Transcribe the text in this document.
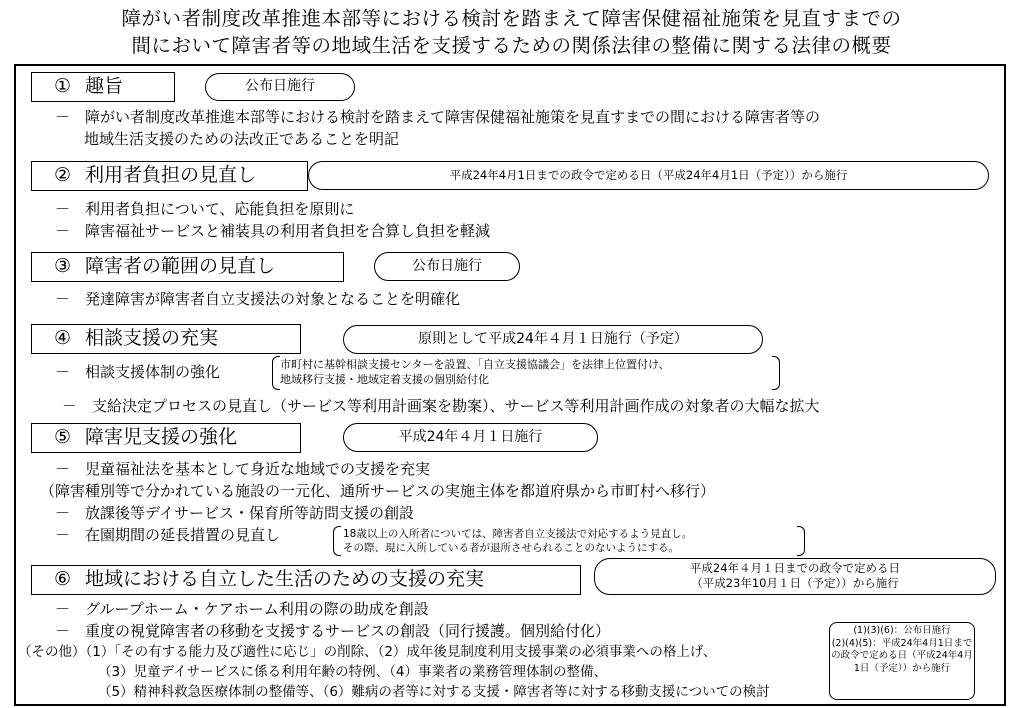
障がい者制度改革推進本部等における検討を踏まえて障害保健福祉施策を見直すまでの
間において障害者等の地域生活を支援するための関係法律の整備に関する法律の概要
① 趣旨	公布日施行
－　障がい者制度改革推進本部等における検討を踏まえて障害保健福祉施策を見直すまでの間における障害者等の
地域生活支援のための法改正であることを明記
② 利用者負担の見直し	平成24年4月1日までの政令で定める日（平成24年4月1日（予定））から施行
－　利用者負担について、応能負担を原則に
－　障害福祉サービスと補装具の利用者負担を合算し負担を軽減
③ 障害者の範囲の見直し	公布日施行
－　発達障害が障害者自立支援法の対象となることを明確化
④ 相談支援の充実	原則として平成24年４月１日施行（予定）
－　相談支援体制の強化	市町村に基幹相談支援センターを設置、「自立支援協議会」を法律上位置付け、
地域移行支援・地域定着支援の個別給付化
－　支給決定プロセスの見直し（サービス等利用計画案を勘案）、サービス等利用計画作成の対象者の大幅な拡大
⑤ 障害児支援の強化	平成24年４月１日施行
－　児童福祉法を基本として身近な地域での支援を充実
（障害種別等で分かれている施設の一元化、通所サービスの実施主体を都道府県から市町村へ移行）
－　放課後等デイサービス・保育所等訪問支援の創設
－　在園期間の延長措置の見直し	18歳以上の入所者については、障害者自立支援法で対応するよう見直し。
その際、現に入所している者が退所させられることのないようにする。
⑥ 地域における自立した生活のための支援の充実	平成24年４月１日までの政令で定める日
（平成23年10月１日（予定））から施行
－　グループホーム・ケアホーム利用の際の助成を創設
－　重度の視覚障害者の移動を支援するサービスの創設（同行援護。個別給付化）
（その他）（1）「その有する能力及び適性に応じ」の削除、（2）成年後見制度利用支援事業の必須事業への格上げ、
（3）児童デイサービスに係る利用年齢の特例、（4）事業者の業務管理体制の整備、
（5）精神科救急医療体制の整備等、（6）難病の者等に対する支援・障害者等に対する移動支援についての検討
(1)(3)(6)：公布日施行
(2)(4)(5)：平成24年4月1日までの政令で定める日（平成24年4月1日（予定））から施行
